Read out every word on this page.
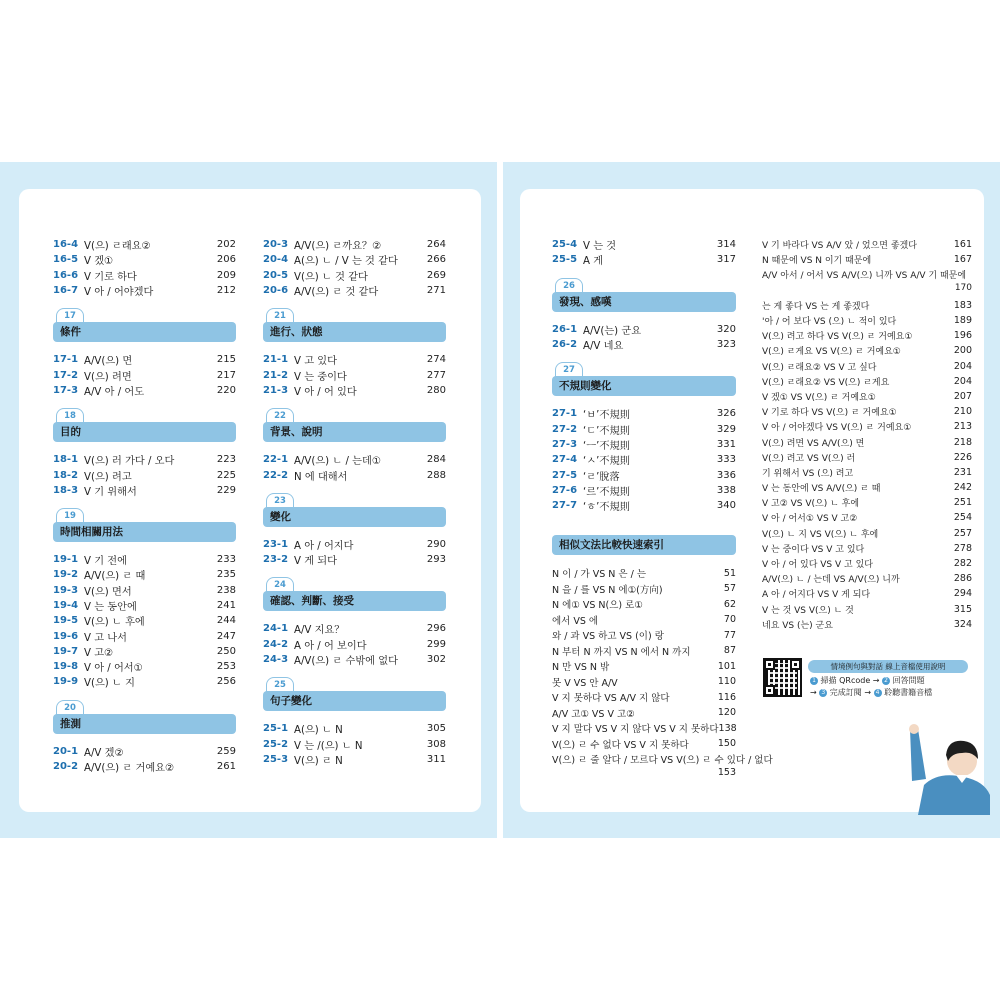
16-4 V(으) ㄹ래요②	202
16-5 V 겠①	206
16-6 V 기로 하다	209
16-7 V 아 / 어야겠다	212
17
條件
17-1 A/V(으) 면	215
17-2 V(으) 려면	217
17-3 A/V 아 / 어도	220
18
目的
18-1 V(으) 러 가다 / 오다	223
18-2 V(으) 려고	225
18-3 V 기 위해서	229
19
時間相關用法
19-1 V 기 전에	233
19-2 A/V(으) ㄹ 때	235
19-3 V(으) 면서	238
19-4 V 는 동안에	241
19-5 V(으) ㄴ 후에	244
19-6 V 고 나서	247
19-7 V 고②	250
19-8 V 아 / 어서①	253
19-9 V(으) ㄴ 지	256
20
推測
20-1 A/V 겠②	259
20-2 A/V(으) ㄹ 거예요②	261
20-3 A/V(으) ㄹ까요？②	264
20-4 A(으) ㄴ / V 는 것 같다	266
20-5 V(으) ㄴ 것 같다	269
20-6 A/V(으) ㄹ 것 같다	271
21
進行、狀態
21-1 V 고 있다	274
21-2 V 는 중이다	277
21-3 V 아 / 어 있다	280
22
背景、說明
22-1 A/V(으) ㄴ / 는데①	284
22-2 N 에 대해서	288
23
變化
23-1 A 아 / 어지다	290
23-2 V 게 되다	293
24
確認、判斷、接受
24-1 A/V 지요？	296
24-2 A 아 / 어 보이다	299
24-3 A/V(으) ㄹ 수밖에 없다	302
25
句子變化
25-1 A(으) ㄴ N	305
25-2 V 는 /(으) ㄴ N	308
25-3 V(으) ㄹ N	311
25-4 V 는 것	314
25-5 A 게	317
26
發現、感嘆
26-1 A/V(는) 군요	320
26-2 A/V 네요	323
27
不規則變化
27-1 ‘ㅂ’不規則	326
27-2 ‘ㄷ’不規則	329
27-3 ‘ㅡ’不規則	331
27-4 ‘ㅅ’不規則	333
27-5 ‘ㄹ’脫落	336
27-6 ‘르’不規則	338
27-7 ‘ㅎ’不規則	340
相似文法比較快速索引
N 이 / 가 VS N 은 / 는	51
N 을 / 를 VS N 에①(方向)	57
N 에① VS N(으) 로①	62
에서 VS 에	70
와 / 과 VS 하고 VS (이) 랑	77
N 부터 N 까지 VS N 에서 N 까지	87
N 만 VS N 밖	101
못 V VS 안 A/V	110
V 지 못하다 VS A/V 지 않다	116
A/V 고① VS V 고②	120
V 지 말다 VS V 지 않다 VS V 지 못하다 138
V(으) ㄹ 수 없다 VS V 지 못하다	150
V(으) ㄹ 줄 알다 / 모르다 VS V(으) ㄹ 수 있다 / 없다
153
V 기 바라다 VS A/V 았 / 었으면 좋겠다	161
N 때문에 VS N 이기 때문에	167
A/V 아서 / 어서 VS A/V(으) 니까 VS A/V 기 때문에
170
는 게 좋다 VS 는 게 좋겠다	183
'아 / 어 보다 VS (으) ㄴ 적이 있다	189
V(으) 려고 하다 VS V(으) ㄹ 거예요①	196
V(으) ㄹ게요 VS V(으) ㄹ 거예요①	200
V(으) ㄹ래요② VS V 고 싶다	204
V(으) ㄹ래요② VS V(으) ㄹ게요	204
V 겠① VS V(으) ㄹ 거예요①	207
V 기로 하다 VS V(으) ㄹ 거예요①	210
V 아 / 어야겠다 VS V(으) ㄹ 거예요①	213
V(으) 려면 VS A/V(으) 면	218
V(으) 려고 VS V(으) 러	226
기 위해서 VS (으) 려고	231
V 는 동안에 VS A/V(으) ㄹ 때	242
V 고② VS V(으) ㄴ 후에	251
V 아 / 어서① VS V 고②	254
V(으) ㄴ 지 VS V(으) ㄴ 후에	257
V 는 중이다 VS V 고 있다	278
V 아 / 어 있다 VS V 고 있다	282
A/V(으) ㄴ / 는데 VS A/V(으) 니까	286
A 아 / 어지다 VS V 게 되다	294
V 는 것 VS V(으) ㄴ 것	315
네요 VS (는) 군요	324
情境例句與對話 線上音檔使用說明
1 掃描 QRcode → 2 回答問題
→ 3 完成訂閱 → 4 聆聽書籍音檔
